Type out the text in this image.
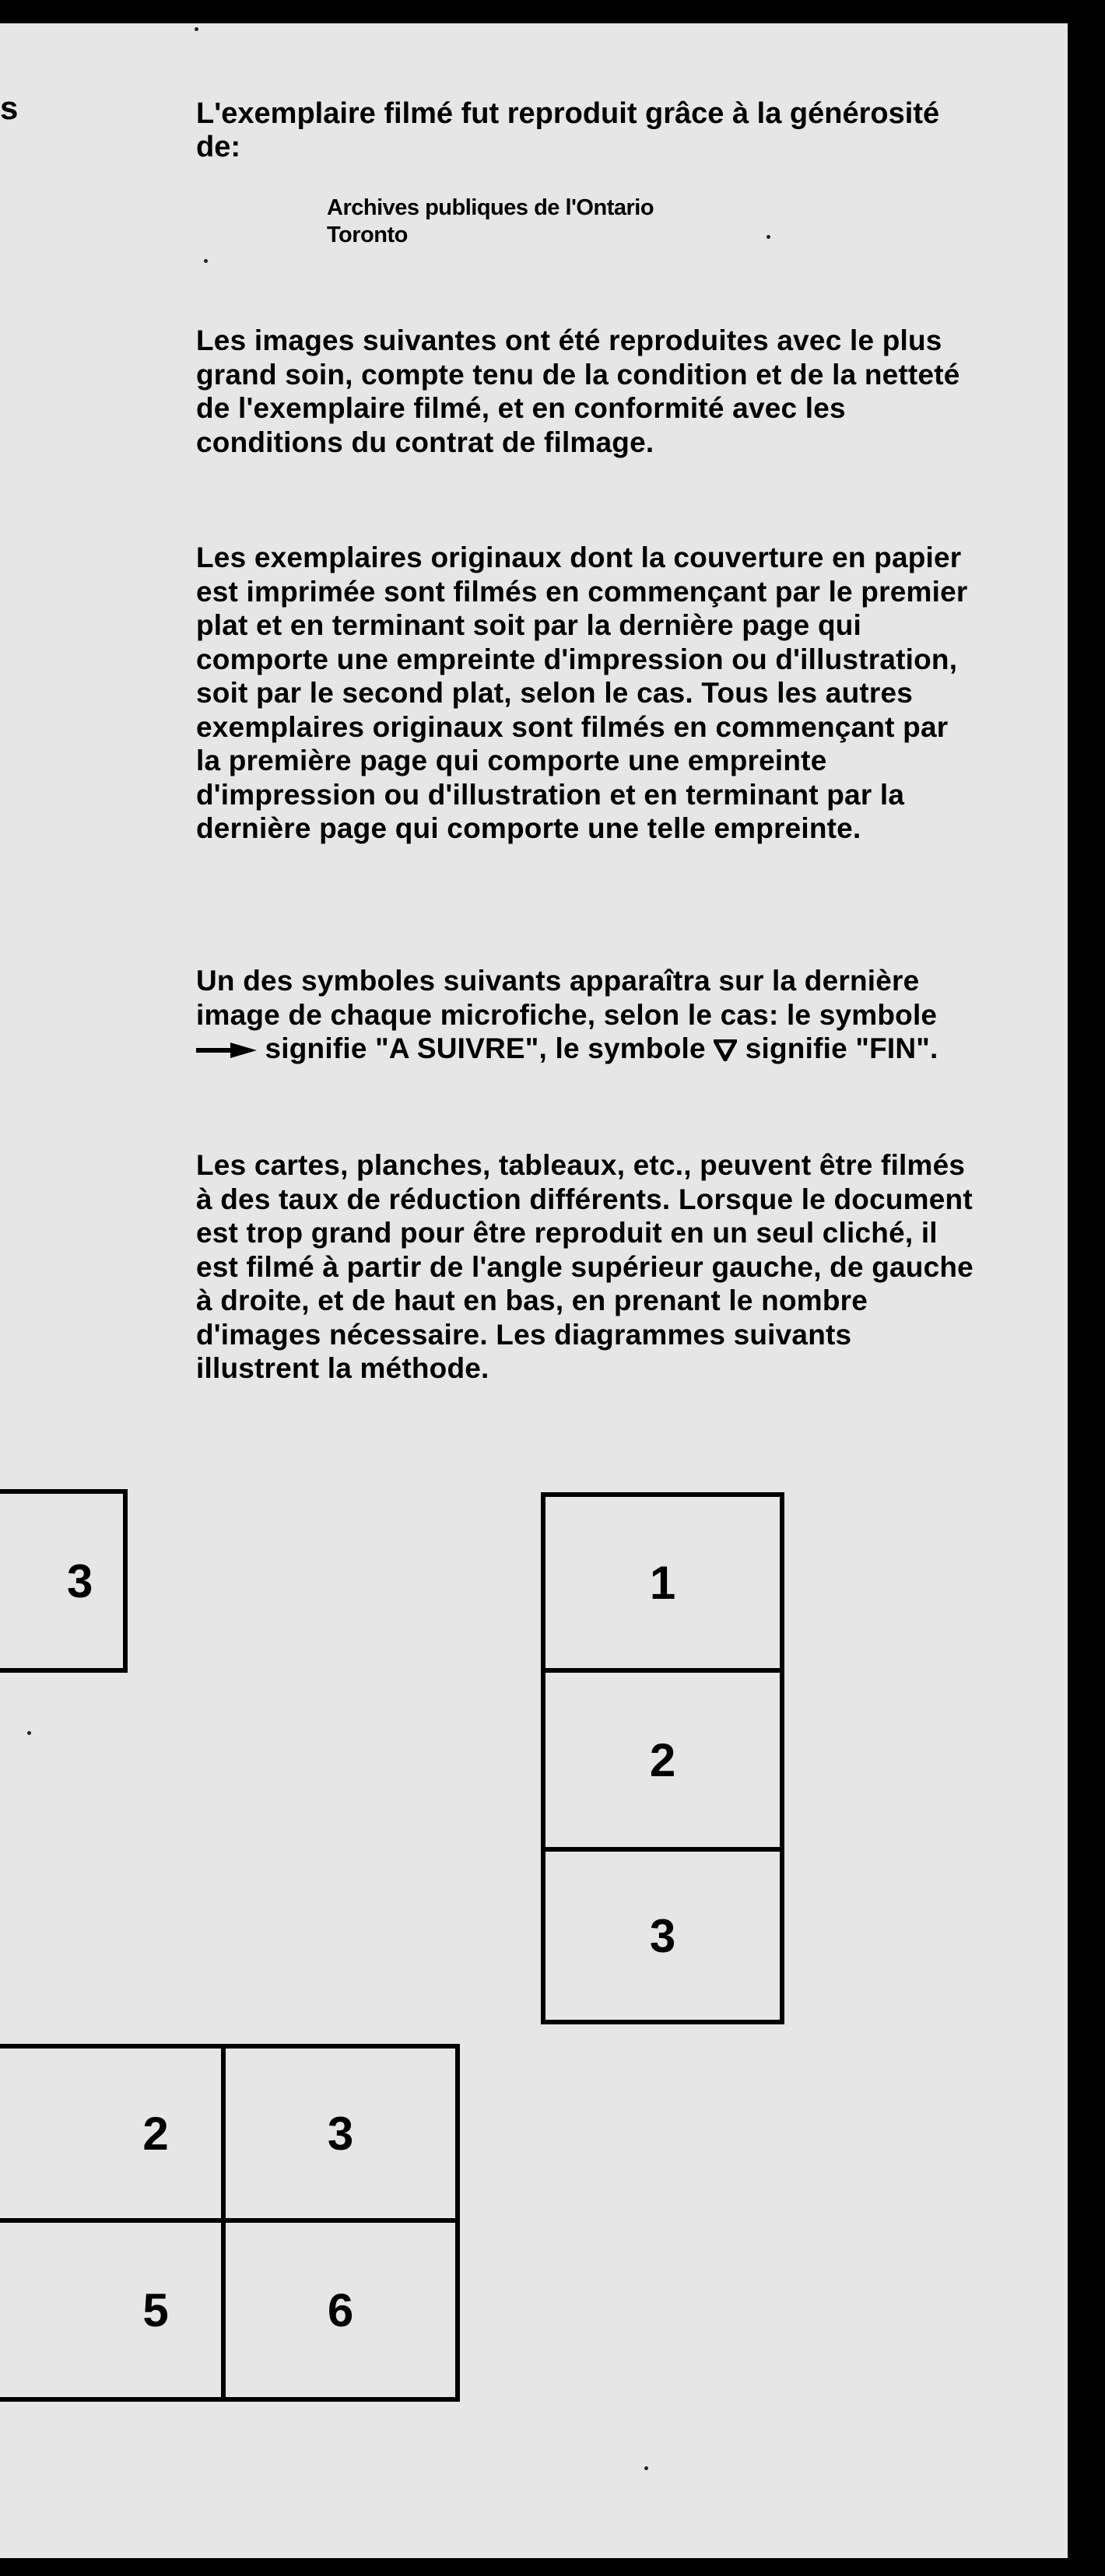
s	L'exemplaire filmé fut reproduit grâce à la générosité de:
Archives publiques de l'Ontario
Toronto
Les images suivantes ont été reproduites avec le plus grand soin, compte tenu de la condition et de la netteté de l'exemplaire filmé, et en conformité avec les conditions du contrat de filmage.
Les exemplaires originaux dont la couverture en papier est imprimée sont filmés en commençant par le premier plat et en terminant soit par la dernière page qui comporte une empreinte d'impression ou d'illustration, soit par le second plat, selon le cas. Tous les autres exemplaires originaux sont filmés en commençant par la première page qui comporte une empreinte d'impression ou d'illustration et en terminant par la dernière page qui comporte une telle empreinte.
Un des symboles suivants apparaîtra sur la dernière image de chaque microfiche, selon le cas: le symbole  signifie "A SUIVRE", le symbole signifie "FIN".
Les cartes, planches, tableaux, etc., peuvent être filmés à des taux de réduction différents. Lorsque le document est trop grand pour être reproduit en un seul cliché, il est filmé à partir de l'angle supérieur gauche, de gauche à droite, et de haut en bas, en prenant le nombre d'images nécessaire. Les diagrammes suivants illustrent la méthode.
3	1
2
3
2	3
5	6
